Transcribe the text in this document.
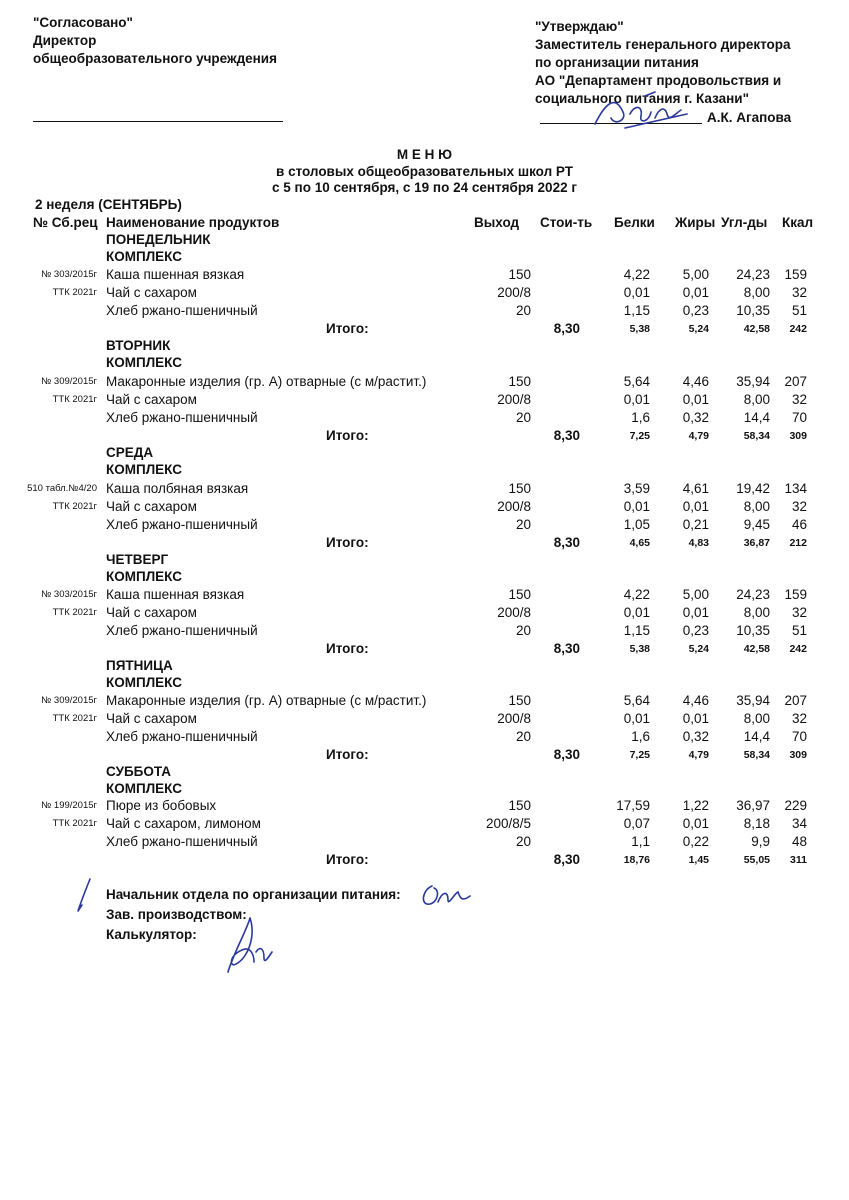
"Согласовано"
Директор
общеобразовательного учреждения
"Утверждаю"
Заместитель генерального директора
по организации питания
АО "Департамент продовольствия и
социального питания г. Казани"
А.К. Агапова
М Е Н Ю
в столовых общеобразовательных школ РТ
с 5 по 10 сентября, с 19 по 24 сентября 2022 г
2 неделя (СЕНТЯБРЬ)
№ Сб.рец Наименование продуктов	Выход Стои-ть Белки Жиры Угл-ды Ккал
ПОНЕДЕЛЬНИК
КОМПЛЕКС
№ 303/2015г Каша пшенная вязкая	150	4,22 5,00 24,23 159
ТТК 2021г Чай с сахаром	200/8	0,01 0,01	8,00 32
Хлеб ржано-пшеничный	20	1,15 0,23 10,35 51
Итого:	8,30	5,38	5,24	42,58 242
ВТОРНИК
КОМПЛЕКС
№ 309/2015г Макаронные изделия (гр. А) отварные (с м/растит.)	150	5,64 4,46 35,94 207
ТТК 2021г Чай с сахаром	200/8	0,01 0,01	8,00 32
Хлеб ржано-пшеничный	20	1,6 0,32	14,4 70
Итого:	8,30	7,25	4,79	58,34 309
СРЕДА
КОМПЛЕКС
510 табл.№4/20 Каша полбяная вязкая	150	3,59 4,61 19,42 134
ТТК 2021г Чай с сахаром	200/8	0,01 0,01	8,00 32
Хлеб ржано-пшеничный	20	1,05 0,21	9,45 46
Итого:	8,30	4,65	4,83	36,87 212
ЧЕТВЕРГ
КОМПЛЕКС
№ 303/2015г Каша пшенная вязкая	150	4,22 5,00 24,23 159
ТТК 2021г Чай с сахаром	200/8	0,01 0,01	8,00 32
Хлеб ржано-пшеничный	20	1,15 0,23 10,35 51
Итого:	8,30	5,38	5,24	42,58 242
ПЯТНИЦА
КОМПЛЕКС
№ 309/2015г Макаронные изделия (гр. А) отварные (с м/растит.)	150	5,64 4,46 35,94 207
ТТК 2021г Чай с сахаром	200/8	0,01 0,01	8,00 32
Хлеб ржано-пшеничный	20	1,6 0,32	14,4 70
Итого:	8,30	7,25	4,79	58,34 309
СУББОТА
КОМПЛЕКС
№ 199/2015г Пюре из бобовых	150	17,59 1,22 36,97 229
ТТК 2021г Чай с сахаром, лимоном	200/8/5	0,07 0,01	8,18 34
Хлеб ржано-пшеничный	20	1,1 0,22	9,9 48
Итого:	8,30	18,76	1,45	55,05 311
Начальник отдела по организации питания:
Зав. производством:
Калькулятор:
